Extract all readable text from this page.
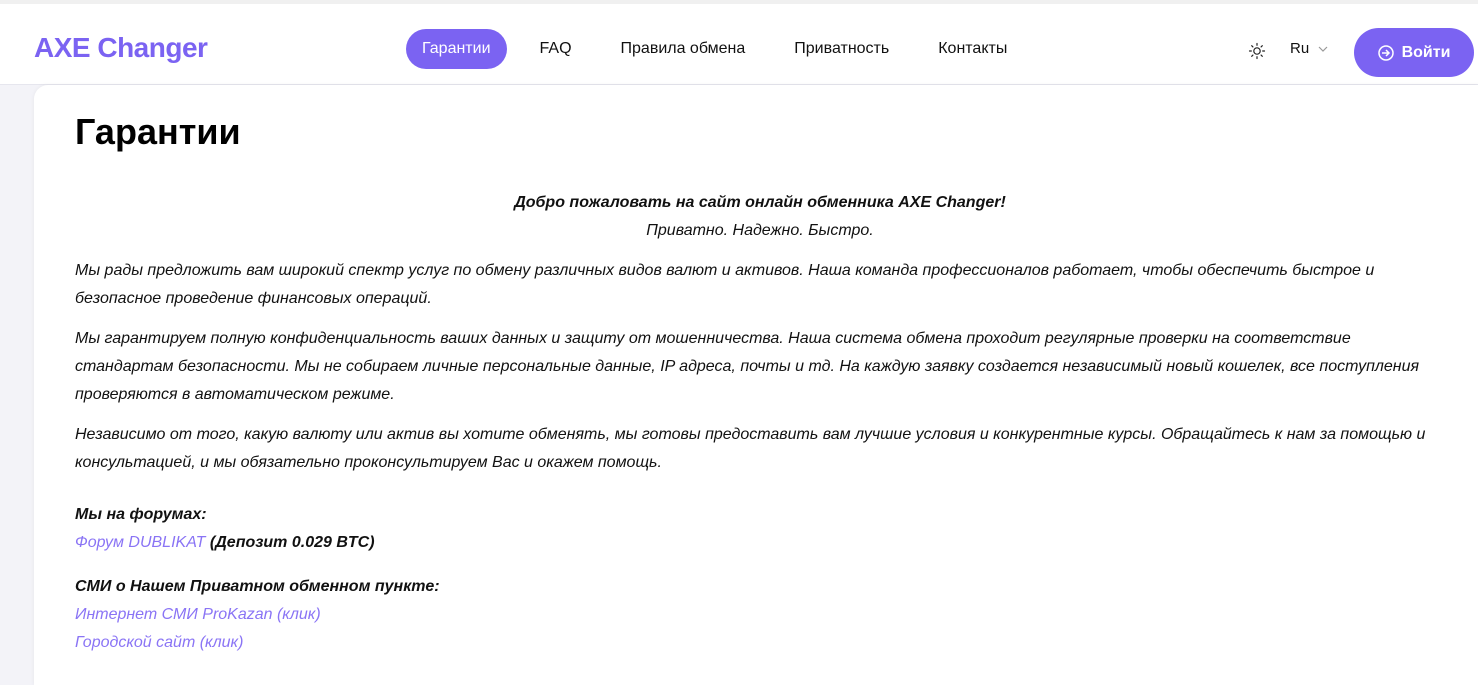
AXE Changer	Гарантии	FAQ	Правила обмена	Приватность	Контакты	Ru	Войти
Гарантии
Добро пожаловать на сайт онлайн обменника AXE Changer!
Приватно. Надежно. Быстро.

Мы рады предложить вам широкий спектр услуг по обмену различных видов валют и активов. Наша команда профессионалов работает, чтобы обеспечить быстрое и безопасное проведение финансовых операций.

Мы гарантируем полную конфиденциальность ваших данных и защиту от мошенничества. Наша система обмена проходит регулярные проверки на соответствие стандартам безопасности. Мы не собираем личные персональные данные, IP адреса, почты и тд. На каждую заявку создается независимый новый кошелек, все поступления проверяются в автоматическом режиме.

Независимо от того, какую валюту или актив вы хотите обменять, мы готовы предоставить вам лучшие условия и конкурентные курсы. Обращайтесь к нам за помощью и консультацией, и мы обязательно проконсультируем Вас и окажем помощь.

Мы на форумах:
Форум DUBLIKAT (Депозит 0.029 BTC)
СМИ о Нашем Приватном обменном пункте:
Интернет СМИ ProKazan (клик)
Городской сайт (клик)
